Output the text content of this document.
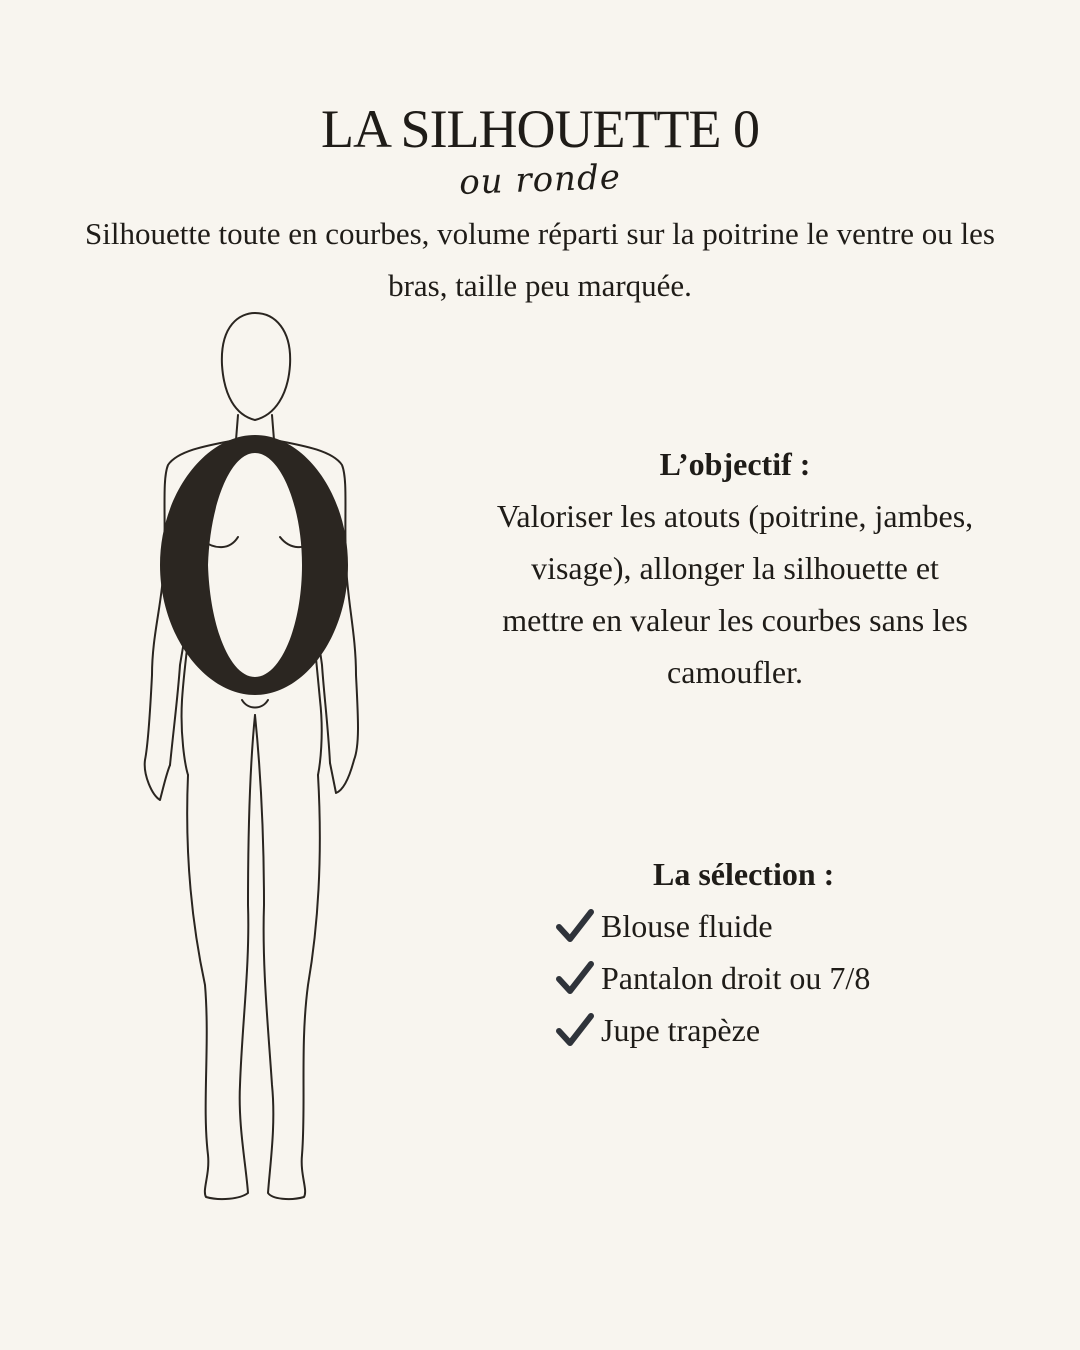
LA SILHOUETTE 0
ou ronde
Silhouette toute en courbes, volume réparti sur la poitrine le ventre ou les bras, taille peu marquée.
L’objectif :
Valoriser les atouts (poitrine, jambes, visage), allonger la silhouette et mettre en valeur les courbes sans les camoufler.
La sélection :
Blouse fluide
Pantalon droit ou 7/8
Jupe trapèze
